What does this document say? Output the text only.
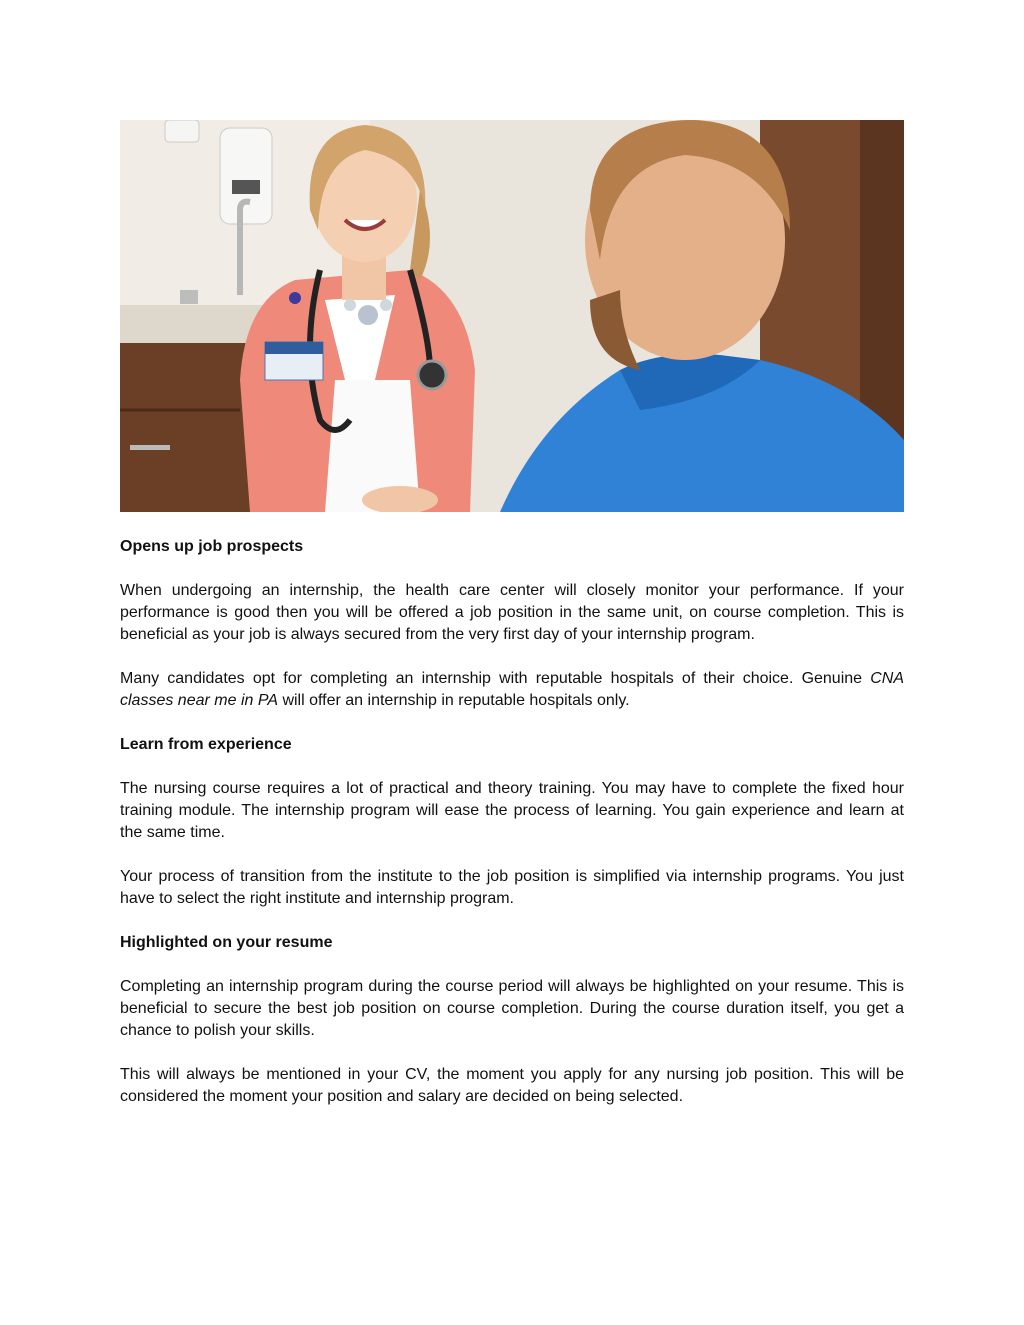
Opens up job prospects

When undergoing an internship, the health care center will closely monitor your performance. If your performance is good then you will be offered a job position in the same unit, on course completion. This is beneficial as your job is always secured from the very first day of your internship program.

Many candidates opt for completing an internship with reputable hospitals of their choice. Genuine CNA classes near me in PA will offer an internship in reputable hospitals only.

Learn from experience

The nursing course requires a lot of practical and theory training. You may have to complete the fixed hour training module. The internship program will ease the process of learning. You gain experience and learn at the same time.

Your process of transition from the institute to the job position is simplified via internship programs. You just have to select the right institute and internship program.

Highlighted on your resume

Completing an internship program during the course period will always be highlighted on your resume. This is beneficial to secure the best job position on course completion. During the course duration itself, you get a chance to polish your skills.

This will always be mentioned in your CV, the moment you apply for any nursing job position. This will be considered the moment your position and salary are decided on being selected.
